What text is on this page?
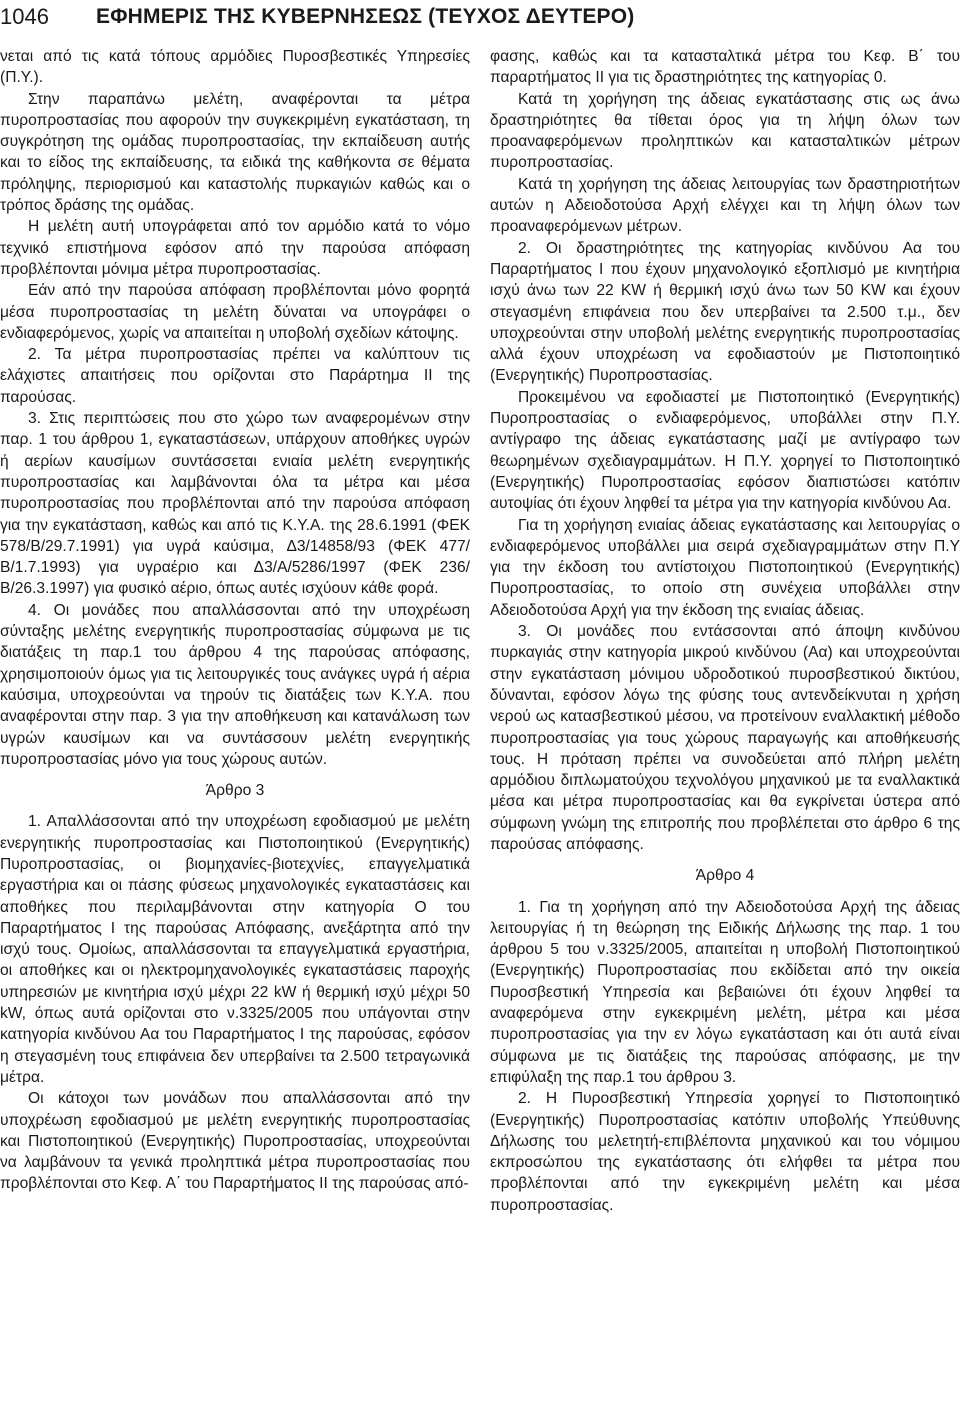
1046 ΕΦΗΜΕΡΙΣ ΤΗΣ ΚΥΒΕΡΝΗΣΕΩΣ (ΤΕΥΧΟΣ ΔΕΥΤΕΡΟ)

νεται από τις κατά τόπους αρμόδιες Πυροσβεστικές Υπηρεσίες (Π.Υ.).

Στην παραπάνω μελέτη, αναφέρονται τα μέτρα πυροπροστασίας που αφορούν την συγκεκριμένη εγκατάσταση, τη συγκρότηση της ομάδας πυροπροστασίας, την εκπαίδευση αυτής και το είδος της εκπαίδευσης, τα ειδικά της καθήκοντα σε θέματα πρόληψης, περιορισμού και καταστολής πυρκαγιών καθώς και ο τρόπος δράσης της ομάδας.

Η μελέτη αυτή υπογράφεται από τον αρμόδιο κατά το νόμο τεχνικό επιστήμονα εφόσον από την παρούσα απόφαση προβλέπονται μόνιμα μέτρα πυροπροστασίας.

Εάν από την παρούσα απόφαση προβλέπονται μόνο φορητά μέσα πυροπροστασίας τη μελέτη δύναται να υπογράφει ο ενδιαφερόμενος, χωρίς να απαιτείται η υποβολή σχεδίων κάτοψης.

2. Τα μέτρα πυροπροστασίας πρέπει να καλύπτουν τις ελάχιστες απαιτήσεις που ορίζονται στο Παράρτημα ΙΙ της παρούσας.

3. Στις περιπτώσεις που στο χώρο των αναφερομένων στην παρ. 1 του άρθρου 1, εγκαταστάσεων, υπάρχουν αποθήκες υγρών ή αερίων καυσίμων συντάσσεται ενιαία μελέτη ενεργητικής πυροπροστασίας και λαμβάνονται όλα τα μέτρα και μέσα πυροπροστασίας που προβλέπονται από την παρούσα απόφαση για την εγκατάσταση, καθώς και από τις Κ.Υ.Α. της 28.6.1991 (ΦΕΚ 578/Β/29.7.1991) για υγρά καύσιμα, Δ3/14858/93 (ΦΕΚ 477/Β/1.7.1993) για υγραέριο και Δ3/Α/5286/1997 (ΦΕΚ 236/Β/26.3.1997) για φυσικό αέριο, όπως αυτές ισχύουν κάθε φορά.

4. Οι μονάδες που απαλλάσσονται από την υποχρέωση σύνταξης μελέτης ενεργητικής πυροπροστασίας σύμφωνα με τις διατάξεις τη παρ.1 του άρθρου 4 της παρούσας απόφασης, χρησιμοποιούν όμως για τις λειτουργικές τους ανάγκες υγρά ή αέρια καύσιμα, υποχρεούνται να τηρούν τις διατάξεις των Κ.Υ.Α. που αναφέρονται στην παρ. 3 για την αποθήκευση και κατανάλωση των υγρών καυσίμων και να συντάσσουν μελέτη ενεργητικής πυροπροστασίας μόνο για τους χώρους αυτών.

Άρθρο 3

1. Απαλλάσσονται από την υποχρέωση εφοδιασμού με μελέτη ενεργητικής πυροπροστασίας και Πιστοποιητικού (Ενεργητικής) Πυροπροστασίας, οι βιομηχανίες-βιοτεχνίες, επαγγελματικά εργαστήρια και οι πάσης φύσεως μηχανολογικές εγκαταστάσεις και αποθήκες που περιλαμβάνονται στην κατηγορία Ο του Παραρτήματος Ι της παρούσας Απόφασης, ανεξάρτητα από την ισχύ τους. Ομοίως, απαλλάσσονται τα επαγγελματικά εργαστήρια, οι αποθήκες και οι ηλεκτρομηχανολογικές εγκαταστάσεις παροχής υπηρεσιών με κινητήρια ισχύ μέχρι 22 kW ή θερμική ισχύ μέχρι 50 kW, όπως αυτά ορίζονται στο ν.3325/2005 που υπάγονται στην κατηγορία κινδύνου Αα του Παραρτήματος Ι της παρούσας, εφόσον η στεγασμένη τους επιφάνεια δεν υπερβαίνει τα 2.500 τετραγωνικά μέτρα.

Οι κάτοχοι των μονάδων που απαλλάσσονται από την υποχρέωση εφοδιασμού με μελέτη ενεργητικής πυροπροστασίας και Πιστοποιητικού (Ενεργητικής) Πυροπροστασίας, υποχρεούνται να λαμβάνουν τα γενικά προληπτικά μέτρα πυροπροστασίας που προβλέπονται στο Κεφ. Α΄ του Παραρτήματος ΙΙ της παρούσας από-

φασης, καθώς και τα κατασταλτικά μέτρα του Κεφ. Β΄ του παραρτήματος ΙΙ για τις δραστηριότητες της κατηγορίας 0.

Κατά τη χορήγηση της άδειας εγκατάστασης στις ως άνω δραστηριότητες θα τίθεται όρος για τη λήψη όλων των προαναφερόμενων προληπτικών και κατασταλτικών μέτρων πυροπροστασίας.

Κατά τη χορήγηση της άδειας λειτουργίας των δραστηριοτήτων αυτών η Αδειοδοτούσα Αρχή ελέγχει και τη λήψη όλων των προαναφερόμενων μέτρων.

2. Οι δραστηριότητες της κατηγορίας κινδύνου Αα του Παραρτήματος Ι που έχουν μηχανολογικό εξοπλισμό με κινητήρια ισχύ άνω των 22 KW ή θερμική ισχύ άνω των 50 KW και έχουν στεγασμένη επιφάνεια που δεν υπερβαίνει τα 2.500 τ.μ., δεν υποχρεούνται στην υποβολή μελέτης ενεργητικής πυροπροστασίας αλλά έχουν υποχρέωση να εφοδιαστούν με Πιστοποιητικό (Ενεργητικής) Πυροπροστασίας.

Προκειμένου να εφοδιαστεί με Πιστοποιητικό (Ενεργητικής) Πυροπροστασίας ο ενδιαφερόμενος, υποβάλλει στην Π.Υ. αντίγραφο της άδειας εγκατάστασης μαζί με αντίγραφο των θεωρημένων σχεδιαγραμμάτων. Η Π.Υ. χορηγεί το Πιστοποιητικό (Ενεργητικής) Πυροπροστασίας εφόσον διαπιστώσει κατόπιν αυτοψίας ότι έχουν ληφθεί τα μέτρα για την κατηγορία κινδύνου Αα.

Για τη χορήγηση ενιαίας άδειας εγκατάστασης και λειτουργίας ο ενδιαφερόμενος υποβάλλει μια σειρά σχεδιαγραμμάτων στην Π.Υ για την έκδοση του αντίστοιχου Πιστοποιητικού (Ενεργητικής) Πυροπροστασίας, το οποίο στη συνέχεια υποβάλλει στην Αδειοδοτούσα Αρχή για την έκδοση της ενιαίας άδειας.

3. Οι μονάδες που εντάσσονται από άποψη κινδύνου πυρκαγιάς στην κατηγορία μικρού κινδύνου (Αα) και υποχρεούνται στην εγκατάσταση μόνιμου υδροδοτικού πυροσβεστικού δικτύου, δύνανται, εφόσον λόγω της φύσης τους αντενδείκνυται η χρήση νερού ως κατασβεστικού μέσου, να προτείνουν εναλλακτική μέθοδο πυροπροστασίας για τους χώρους παραγωγής και αποθήκευσής τους. Η πρόταση πρέπει να συνοδεύεται από πλήρη μελέτη αρμόδιου διπλωματούχου τεχνολόγου μηχανικού με τα εναλλακτικά μέσα και μέτρα πυροπροστασίας και θα εγκρίνεται ύστερα από σύμφωνη γνώμη της επιτροπής που προβλέπεται στο άρθρο 6 της παρούσας απόφασης.

Άρθρο 4

1. Για τη χορήγηση από την Αδειοδοτούσα Αρχή της άδειας λειτουργίας ή τη θεώρηση της Ειδικής Δήλωσης της παρ. 1 του άρθρου 5 του ν.3325/2005, απαιτείται η υποβολή Πιστοποιητικού (Ενεργητικής) Πυροπροστασίας που εκδίδεται από την οικεία Πυροσβεστική Υπηρεσία και βεβαιώνει ότι έχουν ληφθεί τα αναφερόμενα στην εγκεκριμένη μελέτη, μέτρα και μέσα πυροπροστασίας για την εν λόγω εγκατάσταση και ότι αυτά είναι σύμφωνα με τις διατάξεις της παρούσας απόφασης, με την επιφύλαξη της παρ.1 του άρθρου 3.

2. Η Πυροσβεστική Υπηρεσία χορηγεί το Πιστοποιητικό (Ενεργητικής) Πυροπροστασίας κατόπιν υποβολής Υπεύθυνης Δήλωσης του μελετητή-επιβλέποντα μηχανικού και του νόμιμου εκπροσώπου της εγκατάστασης ότι ελήφθει τα μέτρα που προβλέπονται από την εγκεκριμένη μελέτη και μέσα πυροπροστασίας.
